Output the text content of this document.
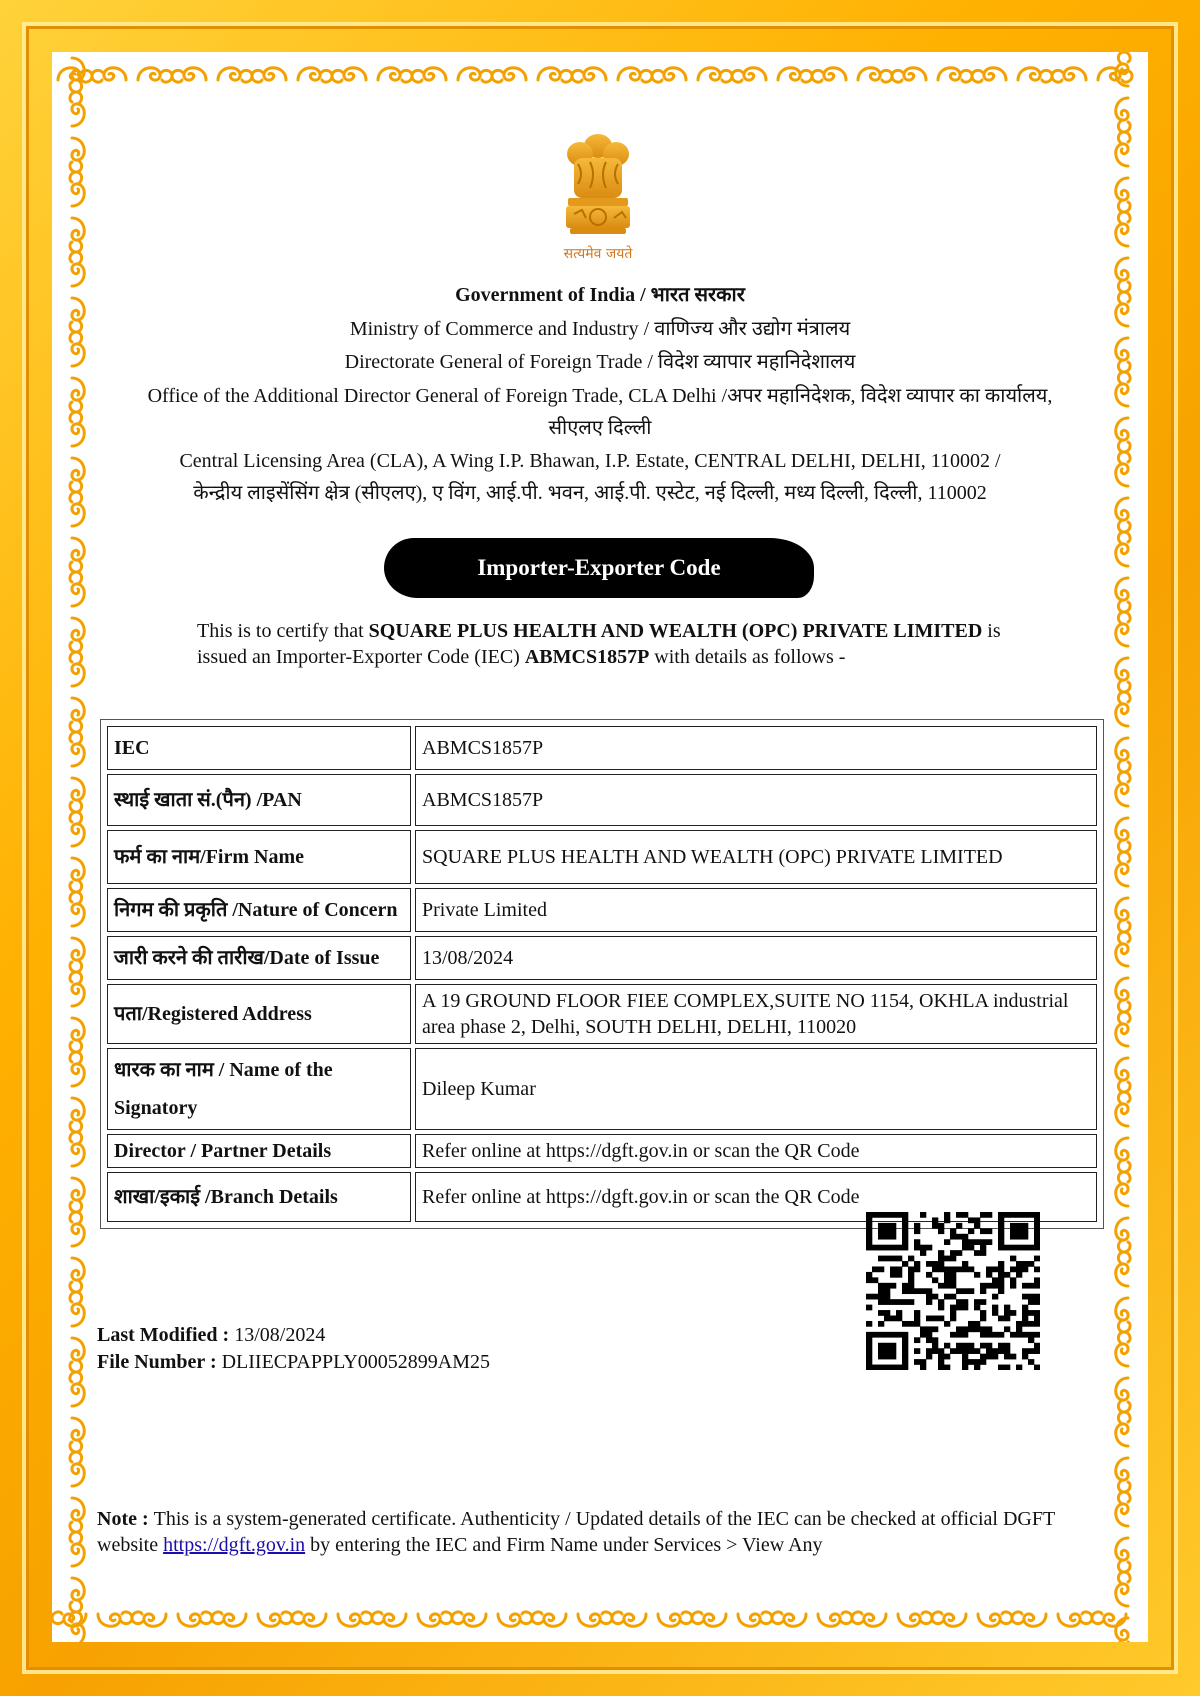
सत्यमेव जयते
Government of India / भारत सरकार
Ministry of Commerce and Industry / वाणिज्य और उद्योग मंत्रालय
Directorate General of Foreign Trade / विदेश व्यापार महानिदेशालय
Office of the Additional Director General of Foreign Trade, CLA Delhi /अपर महानिदेशक, विदेश व्यापार का कार्यालय, सीएलए दिल्ली
Central Licensing Area (CLA), A Wing I.P. Bhawan, I.P. Estate, CENTRAL DELHI, DELHI, 110002 /
केन्द्रीय लाइसेंसिंग क्षेत्र (सीएलए), ए विंग, आई.पी. भवन, आई.पी. एस्टेट, नई दिल्ली, मध्य दिल्ली, दिल्ली, 110002
Importer-Exporter Code
This is to certify that SQUARE PLUS HEALTH AND WEALTH (OPC) PRIVATE LIMITED is issued an Importer-Exporter Code (IEC) ABMCS1857P with details as follows -
IEC	ABMCS1857P
स्थाई खाता सं.(पैन) /PAN	ABMCS1857P
फर्म का नाम/Firm Name	SQUARE PLUS HEALTH AND WEALTH (OPC) PRIVATE LIMITED
निगम की प्रकृति /Nature of Concern	Private Limited
जारी करने की तारीख/Date of Issue	13/08/2024
पता/Registered Address	A 19 GROUND FLOOR FIEE COMPLEX,SUITE NO 1154, OKHLA industrial area phase 2, Delhi, SOUTH DELHI, DELHI, 110020
धारक का नाम / Name of the Signatory	Dileep Kumar
Director / Partner Details	Refer online at https://dgft.gov.in or scan the QR Code
शाखा/इकाई /Branch Details	Refer online at https://dgft.gov.in or scan the QR Code
Last Modified : 13/08/2024
File Number : DLIIECPAPPLY00052899AM25
Note : This is a system-generated certificate. Authenticity / Updated details of the IEC can be checked at official DGFT website https://dgft.gov.in by entering the IEC and Firm Name under Services > View Any
